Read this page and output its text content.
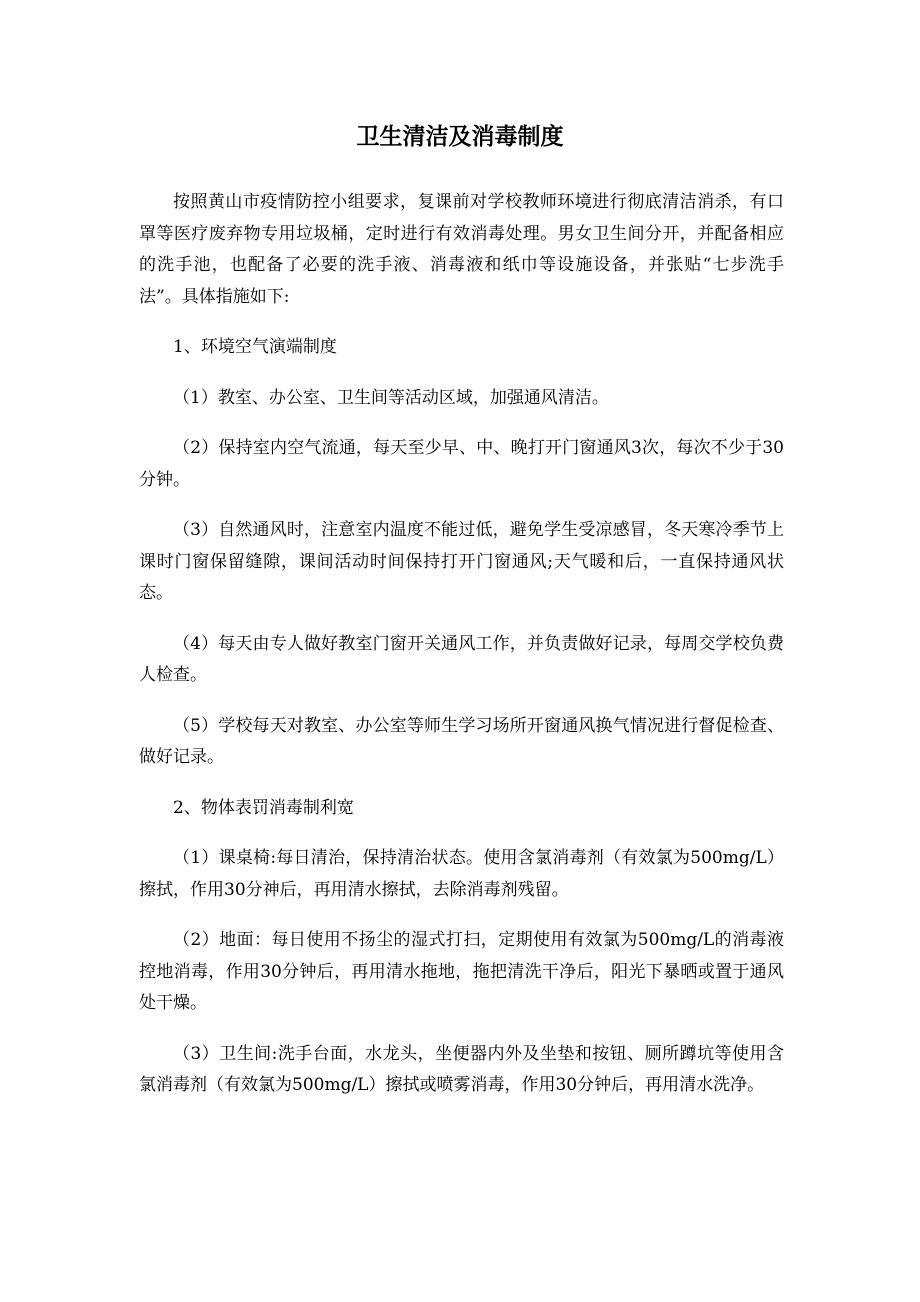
卫生清洁及消毒制度

按照黄山市疫情防控小组要求，复课前对学校教师环境进行彻底清洁消杀，有口罩等医疗废弃物专用垃圾桶，定时进行有效消毒处理。男女卫生间分开，并配备相应的洗手池，也配备了必要的洗手液、消毒液和纸巾等设施设备，并张贴“七步洗手法”。具体指施如下:

1、环境空气演端制度

（1）教室、办公室、卫生间等活动区域，加强通风清洁。

（2）保持室内空气流通，每天至少早、中、晚打开门窗通风3次，每次不少于30分钟。

（3）自然通风时，注意室内温度不能过低，避免学生受凉感冒，冬天寒冷季节上课时门窗保留缝隙，课间活动时间保持打开门窗通风;天气暖和后，一直保持通风状态。

（4）每天由专人做好教室门窗开关通风工作，并负责做好记录，每周交学校负费人检查。

（5）学校每天对教室、办公室等师生学习场所开窗通风换气情况进行督促检查、做好记录。

2、物体表罚消毒制利宽

（1）课桌椅:每日清治，保持清治状态。使用含氯消毒剂（有效氯为500mg/L）擦拭，作用30分神后，再用清水擦拭，去除消毒剂残留。

（2）地面：每日使用不扬尘的湿式打扫，定期使用有效氯为500mg/L的消毒液控地消毒，作用30分钟后，再用清水拖地，拖把清洗干净后，阳光下暴晒或置于通风处干燥。

（3）卫生间:洗手台面，水龙头，坐便器内外及坐垫和按钮、厕所蹲坑等使用含氯消毒剂（有效氯为500mg/L）擦拭或喷雾消毒，作用30分钟后，再用清水洗净。
